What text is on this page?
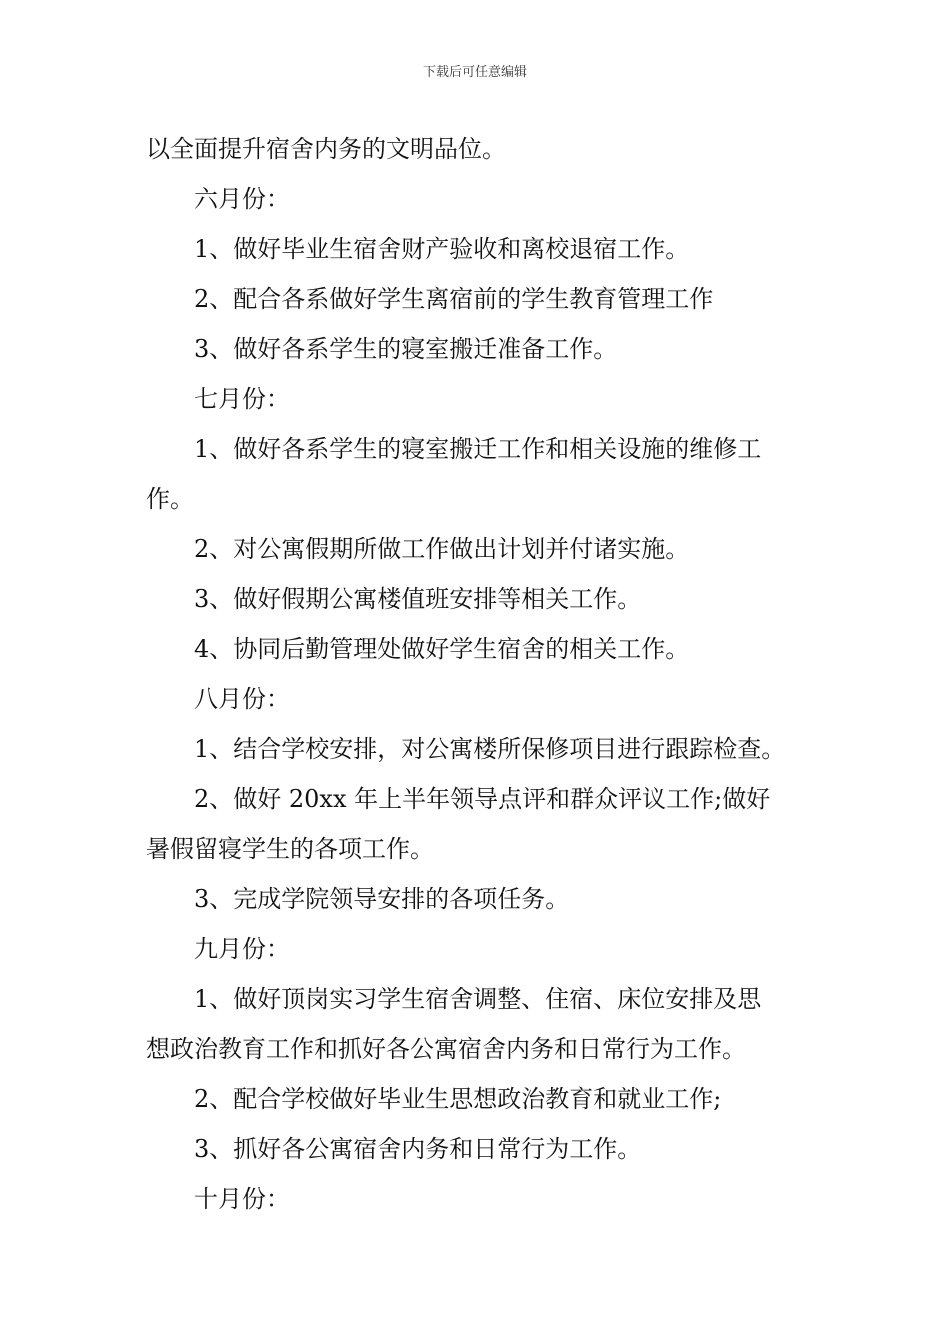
下载后可任意编辑

以全面提升宿舍内务的文明品位。

六月份：

1、做好毕业生宿舍财产验收和离校退宿工作。

2、配合各系做好学生离宿前的学生教育管理工作

3、做好各系学生的寝室搬迁准备工作。

七月份：

1、做好各系学生的寝室搬迁工作和相关设施的维修工

作。

2、对公寓假期所做工作做出计划并付诸实施。

3、做好假期公寓楼值班安排等相关工作。

4、协同后勤管理处做好学生宿舍的相关工作。

八月份：

1、结合学校安排，对公寓楼所保修项目进行跟踪检查。

2、做好 20xx 年上半年领导点评和群众评议工作;做好

暑假留寝学生的各项工作。

3、完成学院领导安排的各项任务。

九月份：

1、做好顶岗实习学生宿舍调整、住宿、床位安排及思

想政治教育工作和抓好各公寓宿舍内务和日常行为工作。

2、配合学校做好毕业生思想政治教育和就业工作;

3、抓好各公寓宿舍内务和日常行为工作。

十月份：
